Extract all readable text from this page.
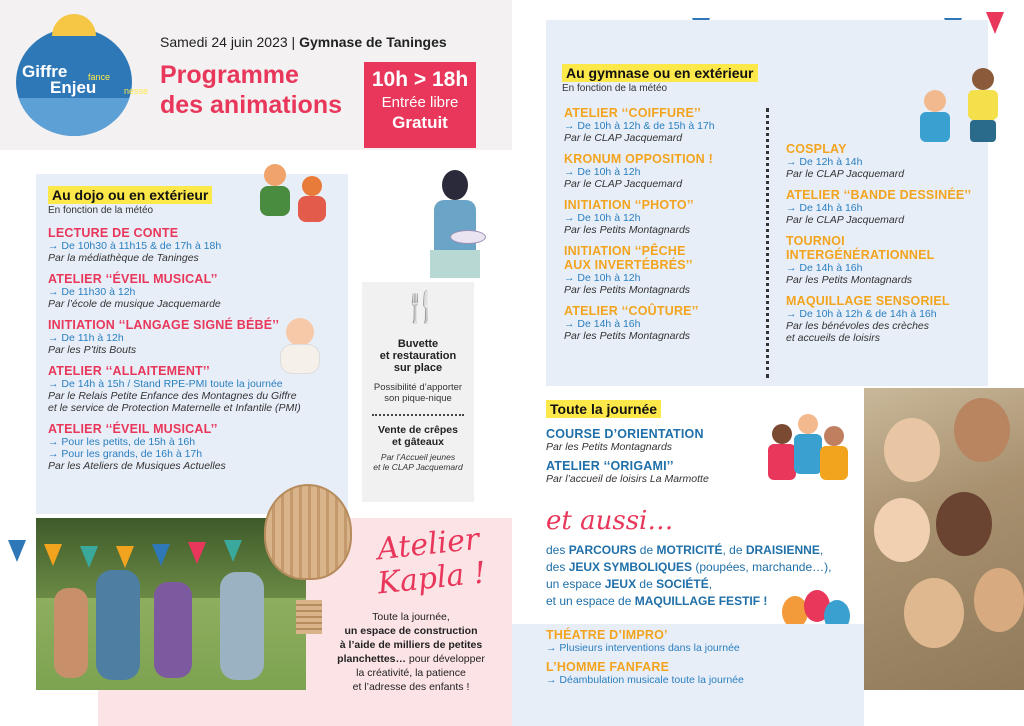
Giffre
Enjeu
fance
nesse
Samedi 24 juin 2023 | Gymnase de Taninges
Programme
des animations
10h > 18h
Entrée libre
Gratuit
Au dojo ou en extérieur
En fonction de la météo
LECTURE DE CONTE
→ De 10h30 à 11h15 & de 17h à 18h
Par la médiathèque de Taninges
ATELIER ‘‘ÉVEIL MUSICAL’’
→ De 11h30 à 12h
Par l’école de musique Jacquemarde
INITIATION ‘‘LANGAGE SIGNÉ BÉBÉ’’
→ De 11h à 12h
Par les P’tits Bouts
ATELIER ‘‘ALLAITEMENT’’
→ De 14h à 15h / Stand RPE-PMI toute la journée
Par le Relais Petite Enfance des Montagnes du Giffre
et le service de Protection Maternelle et Infantile (PMI)
ATELIER ‘‘ÉVEIL MUSICAL’’
→ Pour les petits, de 15h à 16h
→ Pour les grands, de 16h à 17h
Par les Ateliers de Musiques Actuelles
🍴
Buvette
et restauration
sur place
Possibilité d’apporter
son pique-nique
Vente de crêpes
et gâteaux
Par l’Accueil jeunes
et le CLAP Jacquemard
Atelier
Kapla !
Toute la journée,
un espace de construction
à l’aide de milliers de petites
planchettes… pour développer
la créativité, la patience
et l’adresse des enfants !
Au gymnase ou en extérieur
En fonction de la météo
ATELIER ‘‘COIFFURE’’
→ De 10h à 12h & de 15h à 17h
Par le CLAP Jacquemard
KRONUM OPPOSITION !
→ De 10h à 12h
Par le CLAP Jacquemard
INITIATION ‘‘PHOTO’’
→ De 10h à 12h
Par les Petits Montagnards
INITIATION ‘‘PÊCHE
AUX INVERTÉBRÉS’’
→ De 10h à 12h
Par les Petits Montagnards
ATELIER ‘‘COÛTURE’’
→ De 14h à 16h
Par les Petits Montagnards
COSPLAY
→ De 12h à 14h
Par le CLAP Jacquemard
ATELIER ‘‘BANDE DESSINÉE’’
→ De 14h à 16h
Par le CLAP Jacquemard
TOURNOI
INTERGÉNÉRATIONNEL
→ De 14h à 16h
Par les Petits Montagnards
MAQUILLAGE SENSORIEL
→ De 10h à 12h & de 14h à 16h
Par les bénévoles des crèches
et accueils de loisirs
Toute la journée
COURSE D’ORIENTATION
Par les Petits Montagnards
ATELIER ‘‘ORIGAMI’’
Par l’accueil de loisirs La Marmotte
et aussi…
des PARCOURS de MOTRICITÉ, de DRAISIENNE,
des JEUX SYMBOLIQUES (poupées, marchande…),
un espace JEUX de SOCIÉTÉ,
et un espace de MAQUILLAGE FESTIF !
THÉATRE D’IMPRO’
→ Plusieurs interventions dans la journée
L’HOMME FANFARE
→ Déambulation musicale toute la journée
